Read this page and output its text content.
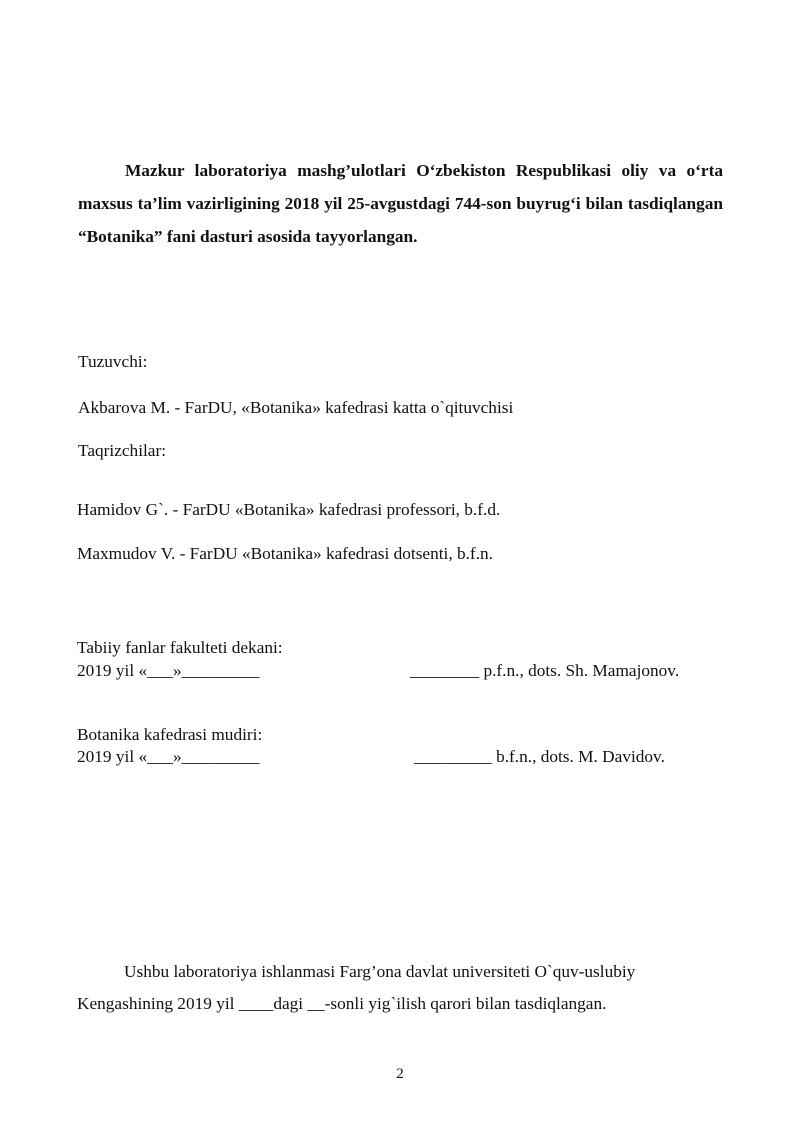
Mazkur laboratoriya mashg’ulotlari O‘zbekiston Respublikasi oliy va o‘rta maxsus ta’lim vazirligining 2018 yil 25-avgustdagi 744-son buyrug‘i bilan tasdiqlangan “Botanika” fani dasturi asosida tayyorlangan.

Tuzuvchi:

Akbarova M. - FarDU, «Botanika» kafedrasi katta o`qituvchisi

Taqrizchilar:

Hamidov G`. - FarDU «Botanika» kafedrasi professori, b.f.d.

Maxmudov V. - FarDU «Botanika» kafedrasi dotsenti, b.f.n.

Tabiiy fanlar fakulteti dekani:

2019 yil «___»_________	________ p.f.n., dots. Sh. Mamajonov.

Botanika kafedrasi mudiri:

2019 yil «___»_________	_________ b.f.n., dots. M. Davidov.

Ushbu laboratoriya ishlanmasi Farg’ona davlat universiteti O`quv-uslubiy Kengashining 2019 yil ____dagi __-sonli yig`ilish qarori bilan tasdiqlangan.

2
